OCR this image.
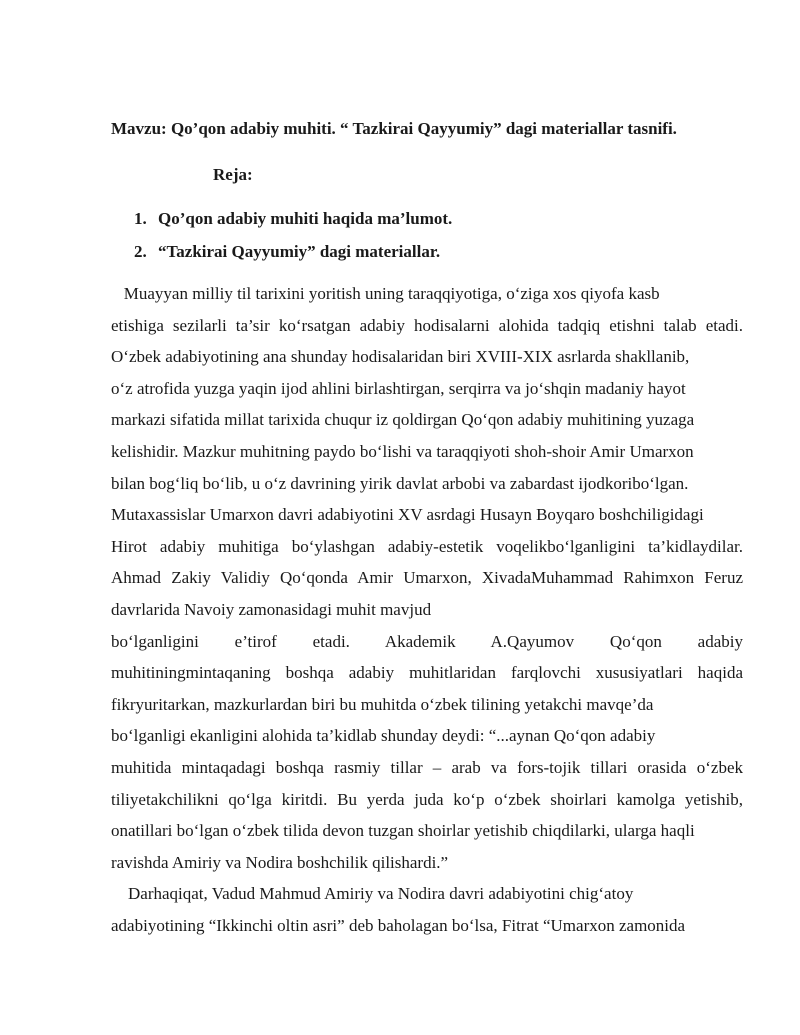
Mavzu: Qo’qon adabiy muhiti. “ Tazkirai Qayyumiy” dagi materiallar tasnifi.
Reja:
1. Qo’qon adabiy muhiti haqida ma’lumot.
2. “Tazkirai Qayyumiy” dagi materiallar.
Muayyan milliy til tarixini yoritish uning taraqqiyotiga, o‘ziga xos qiyofa kasb
etishiga sezilarli ta’sir ko‘rsatgan adabiy hodisalarni alohida tadqiq etishni talab etadi.
O‘zbek adabiyotining ana shunday hodisalaridan biri XVIII-XIX asrlarda shakllanib,
o‘z atrofida yuzga yaqin ijod ahlini birlashtirgan, serqirra va jo‘shqin madaniy hayot
markazi sifatida millat tarixida chuqur iz qoldirgan Qo‘qon adabiy muhitining yuzaga
kelishidir. Mazkur muhitning paydo bo‘lishi va taraqqiyoti shoh-shoir Amir Umarxon
bilan bog‘liq bo‘lib, u o‘z davrining yirik davlat arbobi va zabardast ijodkoribo‘lgan.
Mutaxassislar Umarxon davri adabiyotini XV asrdagi Husayn Boyqaro boshchiligidagi
Hirot adabiy muhitiga bo‘ylashgan adabiy-estetik voqelikbo‘lganligini ta’kidlaydilar.
Ahmad Zakiy Validiy Qo‘qonda Amir Umarxon, XivadaMuhammad Rahimxon Feruz
davrlarida Navoiy zamonasidagi muhit mavjud
bo‘lganligini e’tirof etadi. Akademik A.Qayumov Qo‘qon adabiy
muhitiningmintaqaning boshqa adabiy muhitlaridan farqlovchi xususiyatlari haqida
fikryuritarkan, mazkurlardan biri bu muhitda o‘zbek tilining yetakchi mavqe’da
bo‘lganligi ekanligini alohida ta’kidlab shunday deydi: “...aynan Qo‘qon adabiy
muhitida mintaqadagi boshqa rasmiy tillar – arab va fors-tojik tillari orasida o‘zbek
tiliyetakchilikni qo‘lga kiritdi. Bu yerda juda ko‘p o‘zbek shoirlari kamolga yetishib,
onatillari bo‘lgan o‘zbek tilida devon tuzgan shoirlar yetishib chiqdilarki, ularga haqli
ravishda Amiriy va Nodira boshchilik qilishardi.”
Darhaqiqat, Vadud Mahmud Amiriy va Nodira davri adabiyotini chig‘atoy
adabiyotining “Ikkinchi oltin asri” deb baholagan bo‘lsa, Fitrat “Umarxon zamonida
